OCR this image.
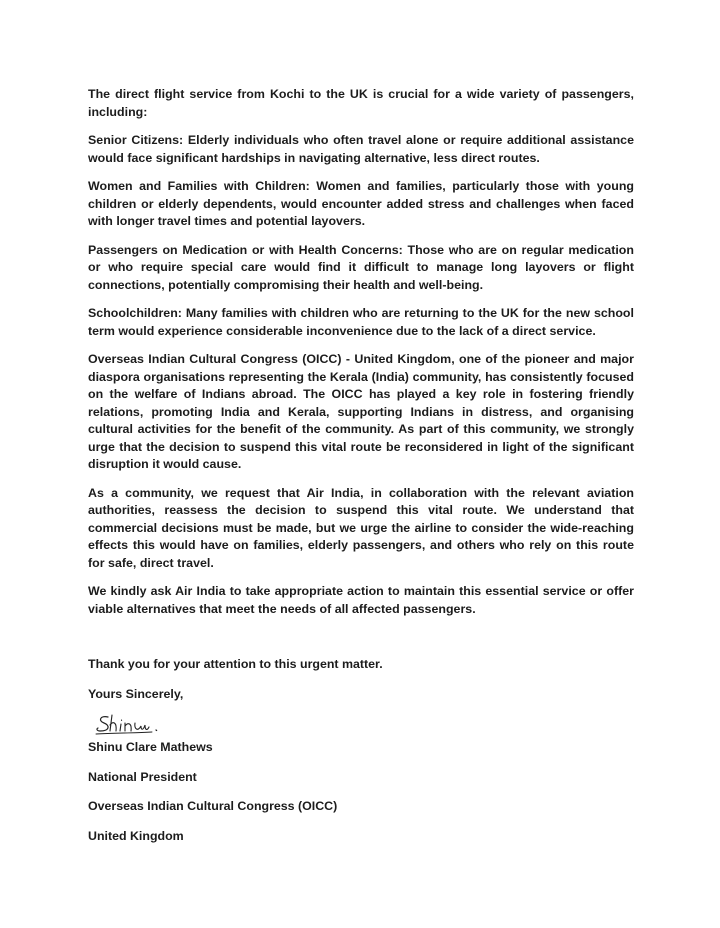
The direct flight service from Kochi to the UK is crucial for a wide variety of passengers, including:

Senior Citizens: Elderly individuals who often travel alone or require additional assistance would face significant hardships in navigating alternative, less direct routes.

Women and Families with Children: Women and families, particularly those with young children or elderly dependents, would encounter added stress and challenges when faced with longer travel times and potential layovers.

Passengers on Medication or with Health Concerns: Those who are on regular medication or who require special care would find it difficult to manage long layovers or flight connections, potentially compromising their health and well-being.

Schoolchildren: Many families with children who are returning to the UK for the new school term would experience considerable inconvenience due to the lack of a direct service.

Overseas Indian Cultural Congress (OICC) - United Kingdom, one of the pioneer and major diaspora organisations representing the Kerala (India) community, has consistently focused on the welfare of Indians abroad. The OICC has played a key role in fostering friendly relations, promoting India and Kerala, supporting Indians in distress, and organising cultural activities for the benefit of the community. As part of this community, we strongly urge that the decision to suspend this vital route be reconsidered in light of the significant disruption it would cause.

As a community, we request that Air India, in collaboration with the relevant aviation authorities, reassess the decision to suspend this vital route. We understand that commercial decisions must be made, but we urge the airline to consider the wide-reaching effects this would have on families, elderly passengers, and others who rely on this route for safe, direct travel.

We kindly ask Air India to take appropriate action to maintain this essential service or offer viable alternatives that meet the needs of all affected passengers.

Thank you for your attention to this urgent matter.

Yours Sincerely,

Shinu Clare Mathews

National President

Overseas Indian Cultural Congress (OICC)

United Kingdom
